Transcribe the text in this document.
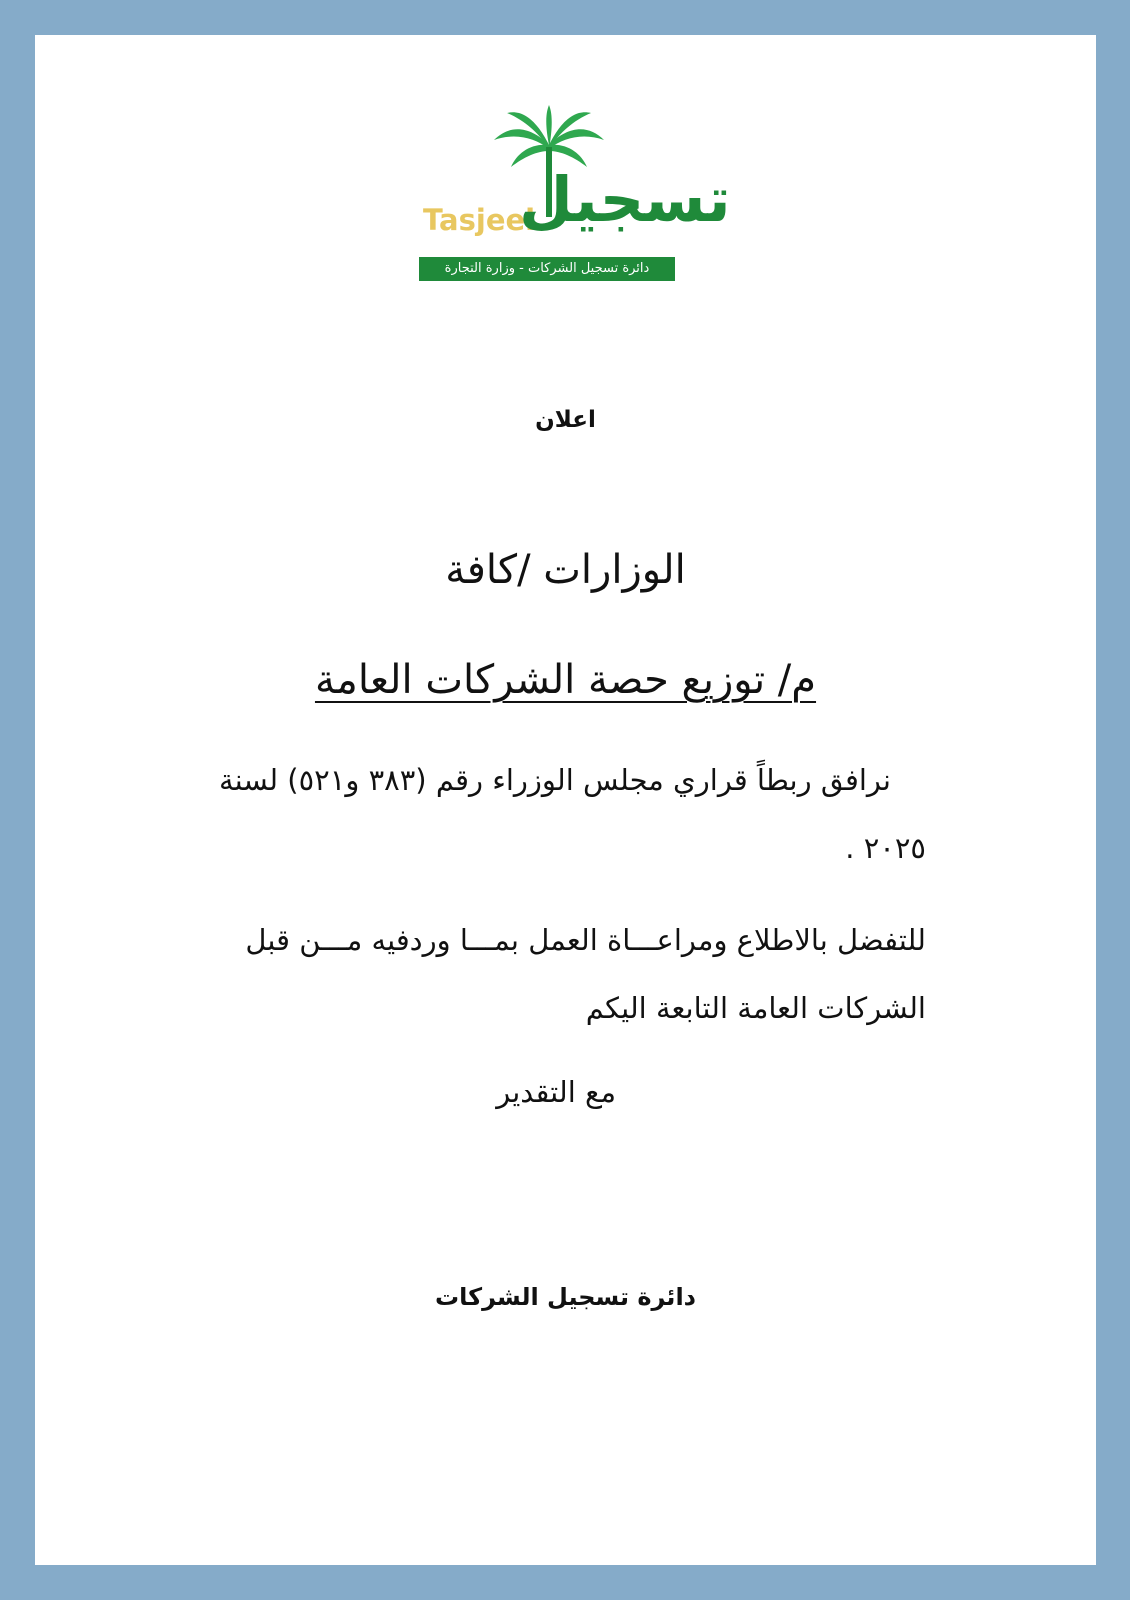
Tasjeel
تسجيل
دائرة تسجيل الشركات - وزارة التجارة
اعلان
الوزارات /كافة
م/ توزيع حصة الشركات العامة
نرافق ربطاً قراري مجلس الوزراء رقم (٣٨٣ و٥٢١) لسنة
٢٠٢٥ .
للتفضل بالاطلاع ومراعـــاة العمل بمـــا وردفيه مـــن قبل
الشركات العامة التابعة اليكم
مع التقدير
دائرة تسجيل الشركات
